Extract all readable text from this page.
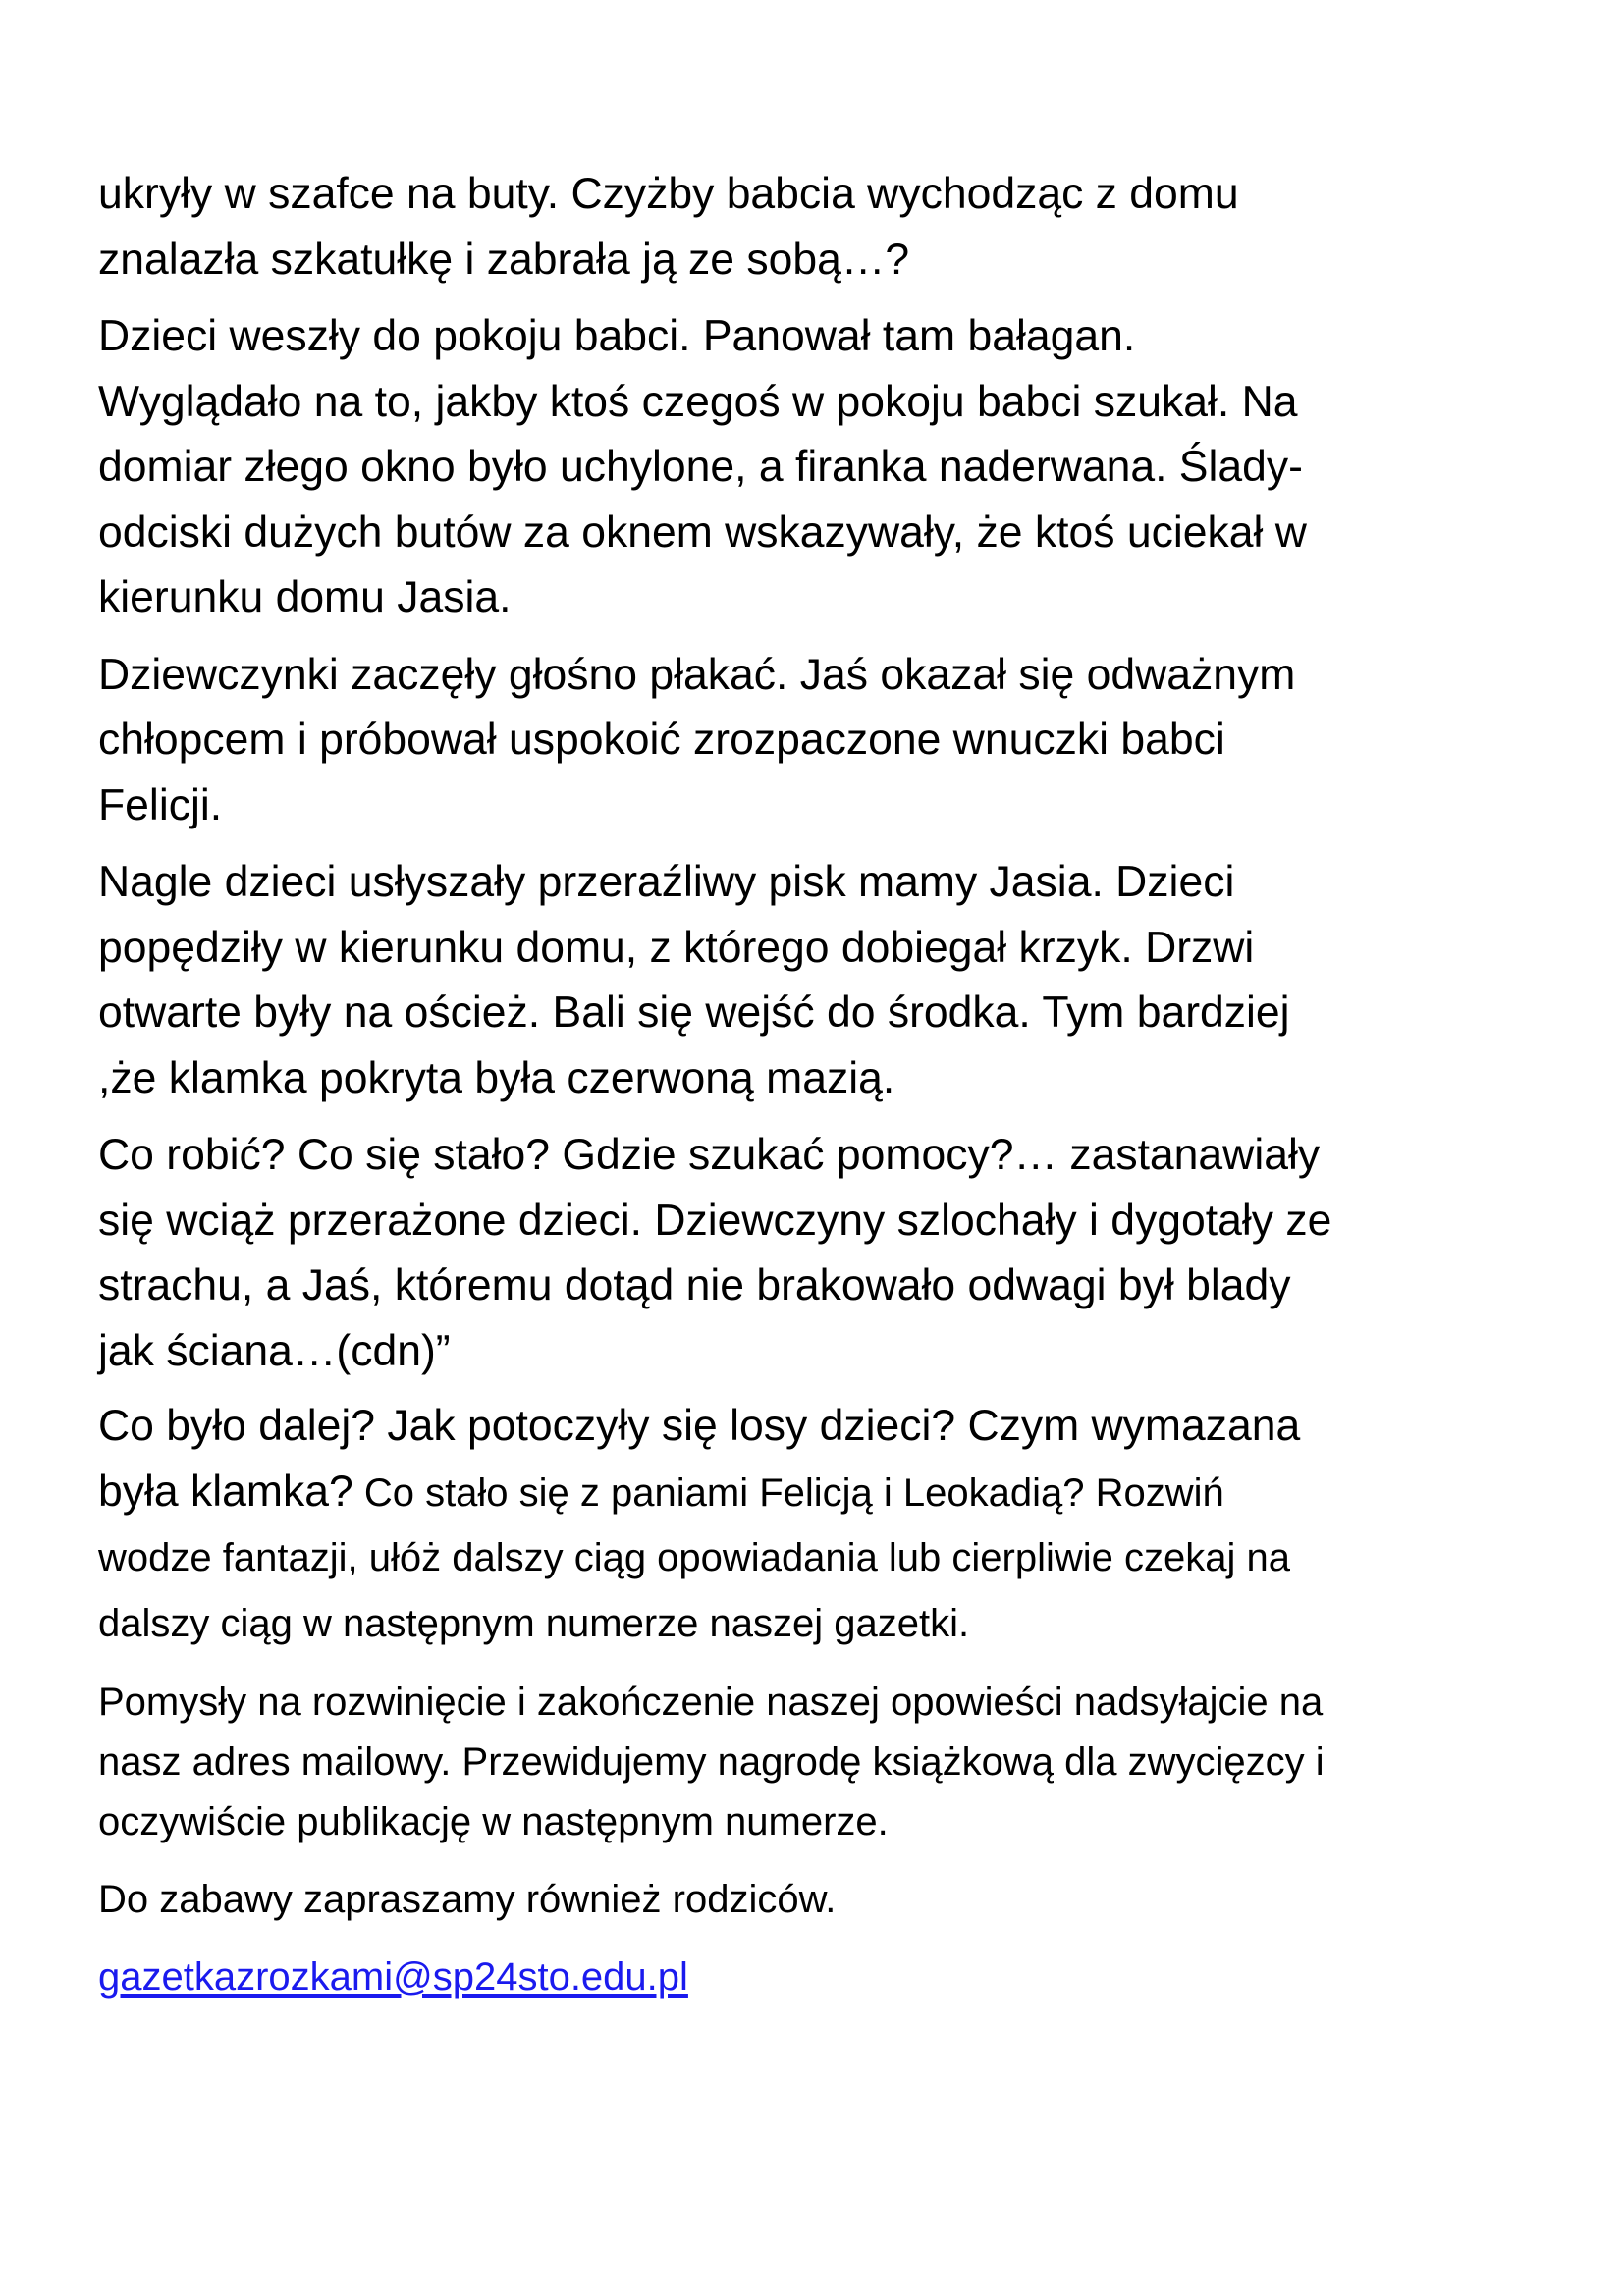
ukryły w szafce na buty. Czyżby babcia wychodząc z domu
znalazła szkatułkę i zabrała ją ze sobą…?

Dzieci weszły do pokoju babci. Panował tam bałagan.
Wyglądało na to, jakby ktoś czegoś w pokoju babci szukał. Na
domiar złego okno było uchylone, a firanka naderwana. Ślady-
odciski dużych butów za oknem wskazywały, że ktoś uciekał w
kierunku domu Jasia.

Dziewczynki zaczęły głośno płakać. Jaś okazał się odważnym
chłopcem i próbował uspokoić zrozpaczone wnuczki babci
Felicji.

Nagle dzieci usłyszały przeraźliwy pisk mamy Jasia. Dzieci
popędziły w kierunku domu, z którego dobiegał krzyk. Drzwi
otwarte były na oścież. Bali się wejść do środka. Tym bardziej
,że klamka pokryta była czerwoną mazią.

Co robić? Co się stało? Gdzie szukać pomocy?… zastanawiały
się wciąż przerażone dzieci. Dziewczyny szlochały i dygotały ze
strachu, a Jaś, któremu dotąd nie brakowało odwagi był blady
jak ściana…(cdn)”

Co było dalej? Jak potoczyły się losy dzieci? Czym wymazana
była klamka? Co stało się z paniami Felicją i Leokadią? Rozwiń
wodze fantazji, ułóż dalszy ciąg opowiadania lub cierpliwie czekaj na
dalszy ciąg w następnym numerze naszej gazetki.

Pomysły na rozwinięcie i zakończenie naszej opowieści nadsyłajcie na
nasz adres mailowy. Przewidujemy nagrodę książkową dla zwycięzcy i
oczywiście publikację w następnym numerze.

Do zabawy zapraszamy również rodziców.

gazetkazrozkami@sp24sto.edu.pl
